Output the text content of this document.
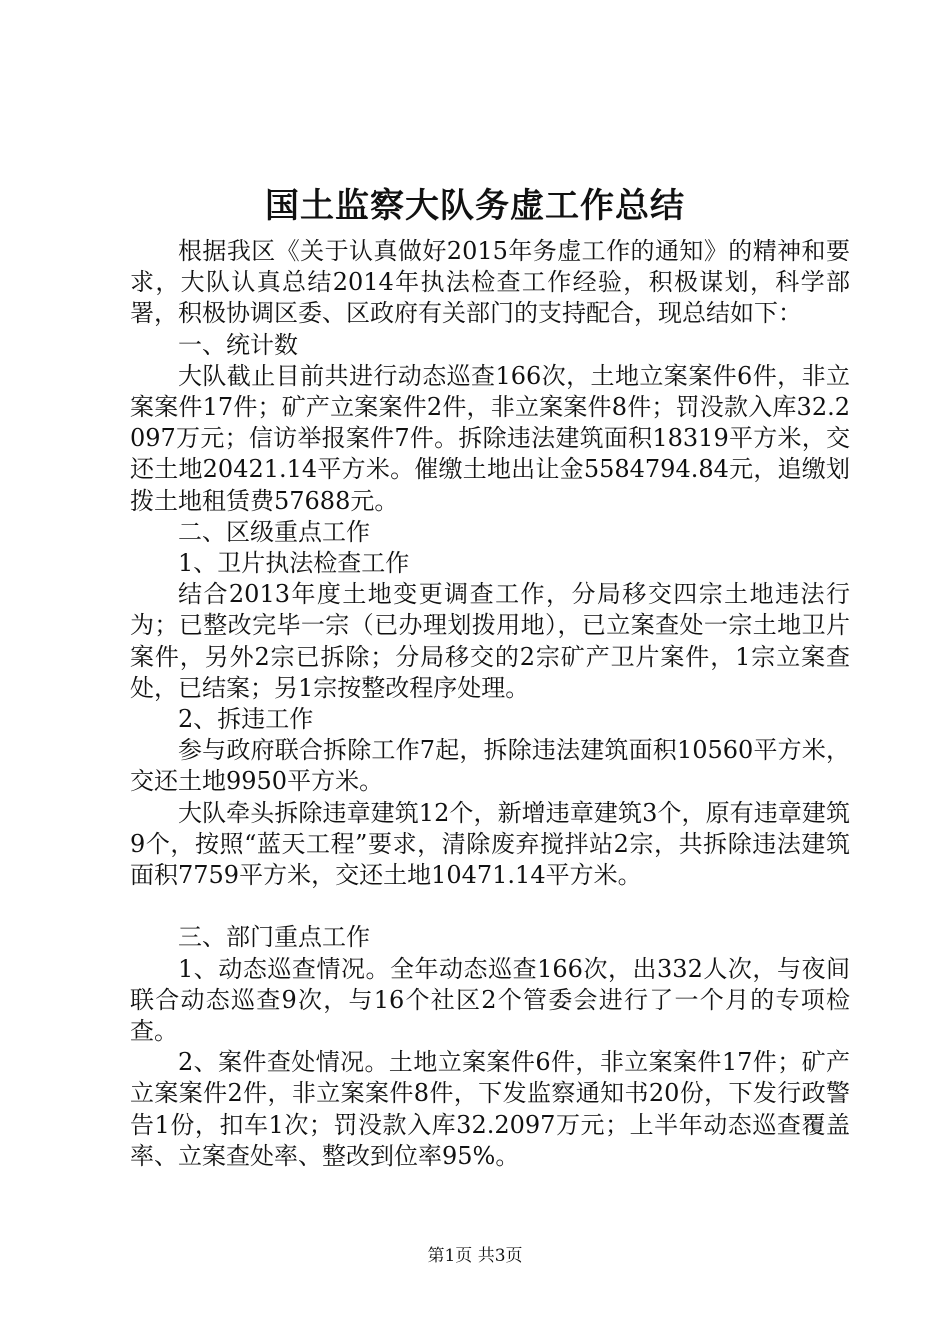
国土监察大队务虚工作总结

根据我区《关于认真做好2015年务虚工作的通知》的精神和要求，大队认真总结2014年执法检查工作经验，积极谋划，科学部署，积极协调区委、区政府有关部门的支持配合，现总结如下：

一、统计数

大队截止目前共进行动态巡查166次，土地立案案件6件，非立案案件17件；矿产立案案件2件，非立案案件8件；罚没款入库32.2097万元；信访举报案件7件。拆除违法建筑面积18319平方米，交还土地20421.14平方米。催缴土地出让金5584794.84元，追缴划拨土地租赁费57688元。

二、区级重点工作

1、卫片执法检查工作

结合2013年度土地变更调查工作，分局移交四宗土地违法行为；已整改完毕一宗（已办理划拨用地），已立案查处一宗土地卫片案件，另外2宗已拆除；分局移交的2宗矿产卫片案件，1宗立案查处，已结案；另1宗按整改程序处理。

2、拆违工作

参与政府联合拆除工作7起，拆除违法建筑面积10560平方米，交还土地9950平方米。

大队牵头拆除违章建筑12个，新增违章建筑3个，原有违章建筑9个，按照“蓝天工程”要求，清除废弃搅拌站2宗，共拆除违法建筑面积7759平方米，交还土地10471.14平方米。

三、部门重点工作

1、动态巡查情况。全年动态巡查166次，出332人次，与夜间联合动态巡查9次，与16个社区2个管委会进行了一个月的专项检查。

2、案件查处情况。土地立案案件6件，非立案案件17件；矿产立案案件2件，非立案案件8件，下发监察通知书20份，下发行政警告1份，扣车1次；罚没款入库32.2097万元；上半年动态巡查覆盖率、立案查处率、整改到位率95%。

第1页 共3页
